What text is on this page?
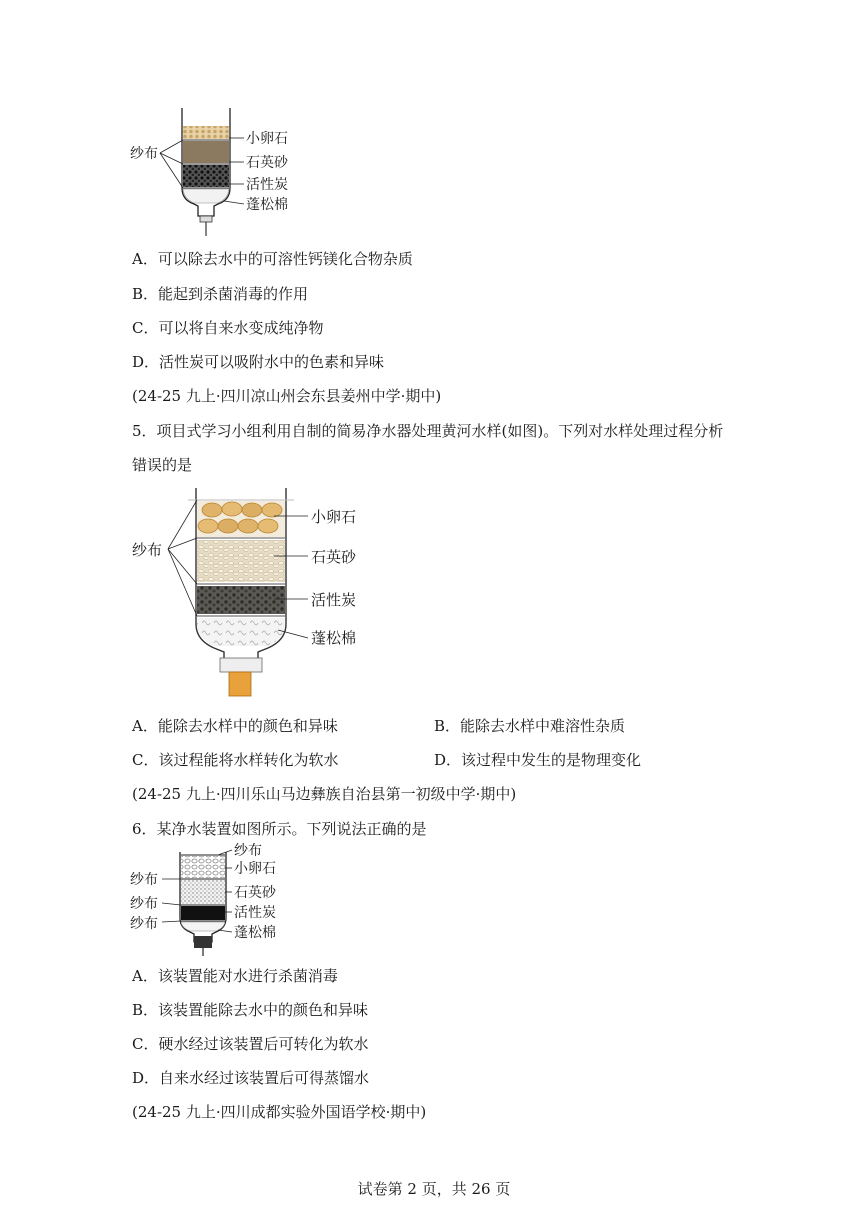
小卵石
石英砂
活性炭
蓬松棉
纱布
A．可以除去水中的可溶性钙镁化合物杂质
B．能起到杀菌消毒的作用
C．可以将自来水变成纯净物
D．活性炭可以吸附水中的色素和异味
(24-25 九上·四川凉山州会东县姜州中学·期中)
5．项目式学习小组利用自制的简易净水器处理黄河水样(如图)。下列对水样处理过程分析
错误的是
小卵石
石英砂
活性炭
蓬松棉
纱布
A．能除去水样中的颜色和异味	B．能除去水样中难溶性杂质
C．该过程能将水样转化为软水	D．该过程中发生的是物理变化
(24-25 九上·四川乐山马边彝族自治县第一初级中学·期中)
6．某净水装置如图所示。下列说法正确的是
纱布
小卵石
石英砂
活性炭
蓬松棉
纱布
纱布
纱布
A．该装置能对水进行杀菌消毒
B．该装置能除去水中的颜色和异味
C．硬水经过该装置后可转化为软水
D．自来水经过该装置后可得蒸馏水
(24-25 九上·四川成都实验外国语学校·期中)
试卷第 2 页，共 26 页
